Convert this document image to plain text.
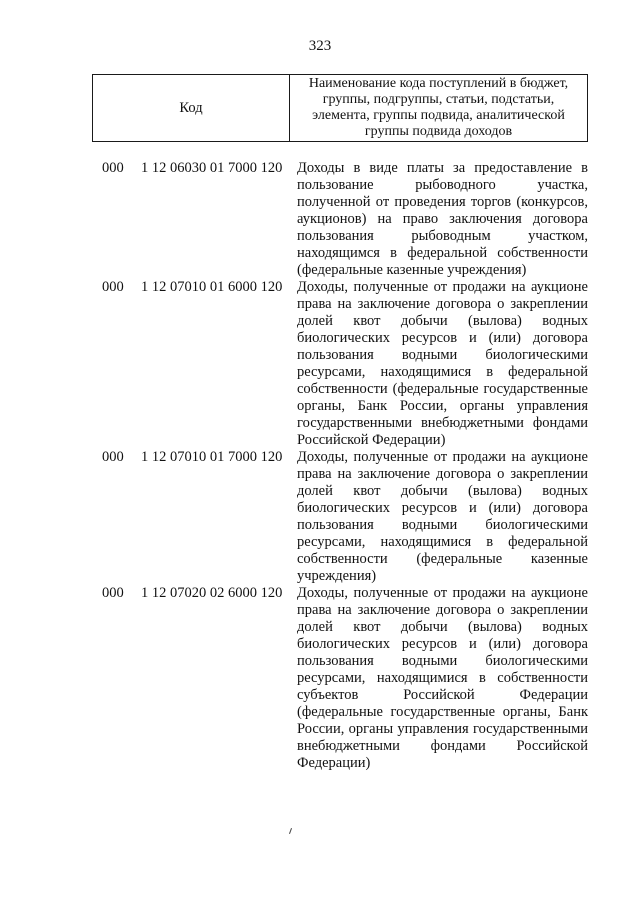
323
Код
Наименование кода поступлений в бюджет, группы, подгруппы, статьи, подстатьи, элемента, группы подвида, аналитической группы подвида доходов
000 1 12 06030 01 7000 120 Доходы в виде платы за предоставление в пользование рыбоводного участка, полученной от проведения торгов (конкурсов, аукционов) на право заключения договора пользования рыбоводным участком, находящимся в федеральной собственности (федеральные казенные учреждения)
000 1 12 07010 01 6000 120 Доходы, полученные от продажи на аукционе права на заключение договора о закреплении долей квот добычи (вылова) водных биологических ресурсов и (или) договора пользования водными биологическими ресурсами, находящимися в федеральной собственности (федеральные государственные органы, Банк России, органы управления государственными внебюджетными фондами Российской Федерации)
000 1 12 07010 01 7000 120 Доходы, полученные от продажи на аукционе права на заключение договора о закреплении долей квот добычи (вылова) водных биологических ресурсов и (или) договора пользования водными биологическими ресурсами, находящимися в федеральной собственности (федеральные казенные учреждения)
000 1 12 07020 02 6000 120 Доходы, полученные от продажи на аукционе права на заключение договора о закреплении долей квот добычи (вылова) водных биологических ресурсов и (или) договора пользования водными биологическими ресурсами, находящимися в собственности субъектов Российской Федерации (федеральные государственные органы, Банк России, органы управления государственными внебюджетными фондами Российской Федерации)
